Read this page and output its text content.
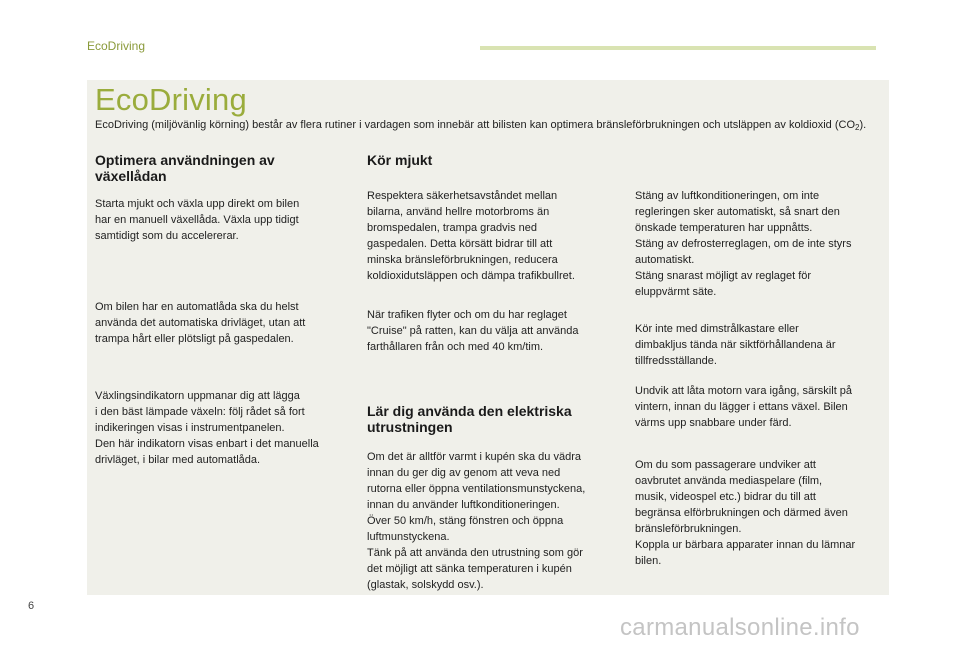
EcoDriving
EcoDriving
EcoDriving (miljövänlig körning) består av flera rutiner i vardagen som innebär att bilisten kan optimera bränsleförbrukningen och utsläppen av koldioxid $(CO_2)$.
Optimera användningen av
växellådan

Starta mjukt och växla upp direkt om bilen
har en manuell växellåda. Växla upp tidigt
samtidigt som du accelererar.

Om bilen har en automatlåda ska du helst
använda det automatiska drivläget, utan att
trampa hårt eller plötsligt på gaspedalen.

Växlingsindikatorn uppmanar dig att lägga
i den bäst lämpade växeln: följ rådet så fort
indikeringen visas i instrumentpanelen.
Den här indikatorn visas enbart i det manuella
drivläget, i bilar med automatlåda.

Kör mjukt

Respektera säkerhetsavståndet mellan
bilarna, använd hellre motorbroms än
bromspedalen, trampa gradvis ned
gaspedalen. Detta körsätt bidrar till att
minska bränsleförbrukningen, reducera
koldioxidutsläppen och dämpa trafikbullret.

När trafiken flyter och om du har reglaget
"Cruise" på ratten, kan du välja att använda
farthållaren från och med 40 km/tim.

Lär dig använda den elektriska
utrustningen

Om det är alltför varmt i kupén ska du vädra
innan du ger dig av genom att veva ned
rutorna eller öppna ventilationsmunstyckena,
innan du använder luftkonditioneringen.
Över 50 km/h, stäng fönstren och öppna
luftmunstyckena.
Tänk på att använda den utrustning som gör
det möjligt att sänka temperaturen i kupén
(glastak, solskydd osv.).

Stäng av luftkonditioneringen, om inte
regleringen sker automatiskt, så snart den
önskade temperaturen har uppnåtts.
Stäng av defrosterreglagen, om de inte styrs
automatiskt.
Stäng snarast möjligt av reglaget för
eluppvärmt säte.

Kör inte med dimstrålkastare eller
dimbakljus tända när siktförhållandena är
tillfredsställande.

Undvik att låta motorn vara igång, särskilt på
vintern, innan du lägger i ettans växel. Bilen
värms upp snabbare under färd.

Om du som passagerare undviker att
oavbrutet använda mediaspelare (film,
musik, videospel etc.) bidrar du till att
begränsa elförbrukningen och därmed även
bränsleförbrukningen.
Koppla ur bärbara apparater innan du lämnar
bilen.

6
carmanualsonline.info
